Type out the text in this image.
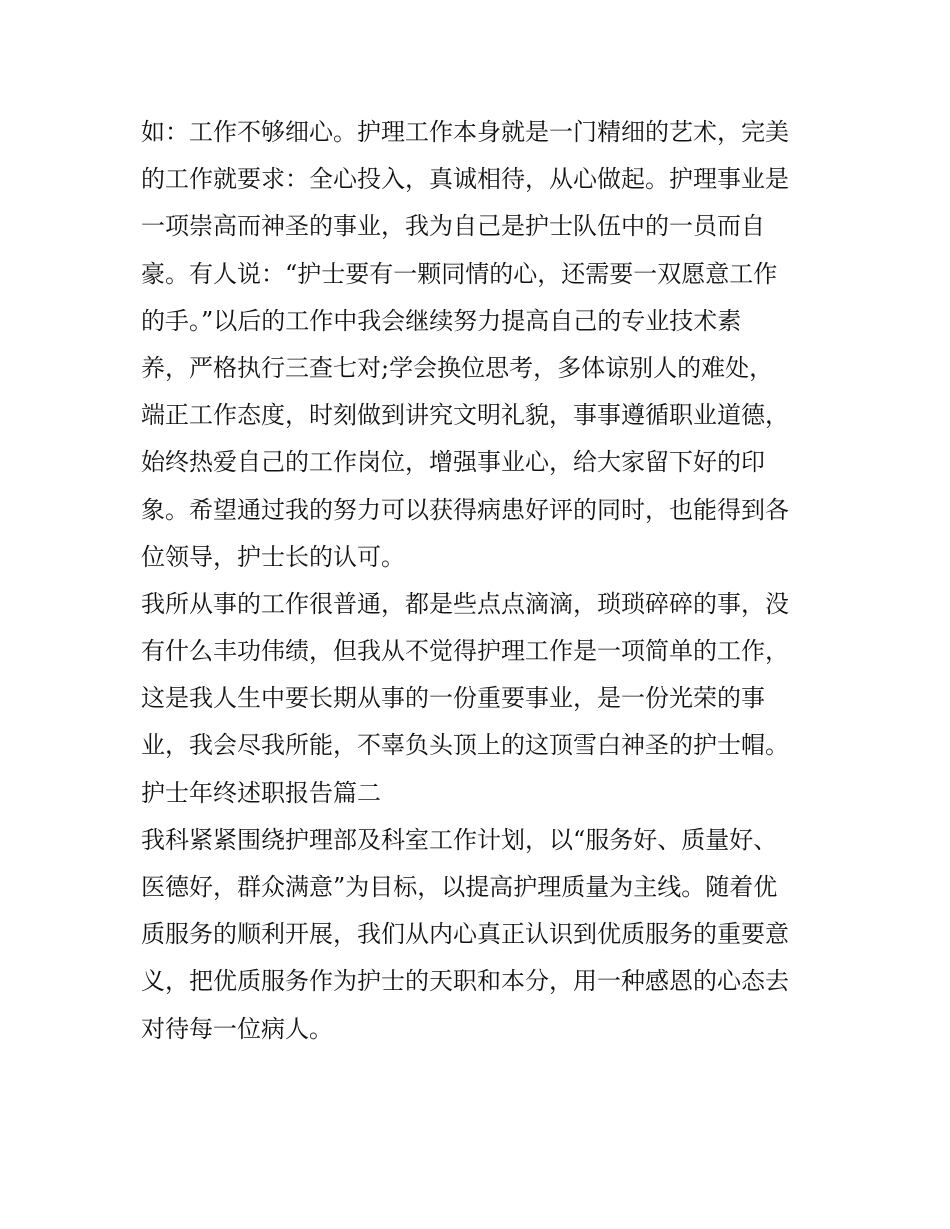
如：工作不够细心。护理工作本身就是一门精细的艺术，完美
的工作就要求：全心投入，真诚相待，从心做起。护理事业是
一项崇高而神圣的事业，我为自己是护士队伍中的一员而自
豪。有人说：“护士要有一颗同情的心，还需要一双愿意工作
的手。”以后的工作中我会继续努力提高自己的专业技术素
养，严格执行三查七对;学会换位思考，多体谅别人的难处，
端正工作态度，时刻做到讲究文明礼貌，事事遵循职业道德，
始终热爱自己的工作岗位，增强事业心，给大家留下好的印
象。希望通过我的努力可以获得病患好评的同时，也能得到各
位领导，护士长的认可。
我所从事的工作很普通，都是些点点滴滴，琐琐碎碎的事，没
有什么丰功伟绩，但我从不觉得护理工作是一项简单的工作，
这是我人生中要长期从事的一份重要事业，是一份光荣的事
业，我会尽我所能，不辜负头顶上的这顶雪白神圣的护士帽。
护士年终述职报告篇二
我科紧紧围绕护理部及科室工作计划，以“服务好、质量好、
医德好，群众满意”为目标，以提高护理质量为主线。随着优
质服务的顺利开展，我们从内心真正认识到优质服务的重要意
义，把优质服务作为护士的天职和本分，用一种感恩的心态去
对待每一位病人。
